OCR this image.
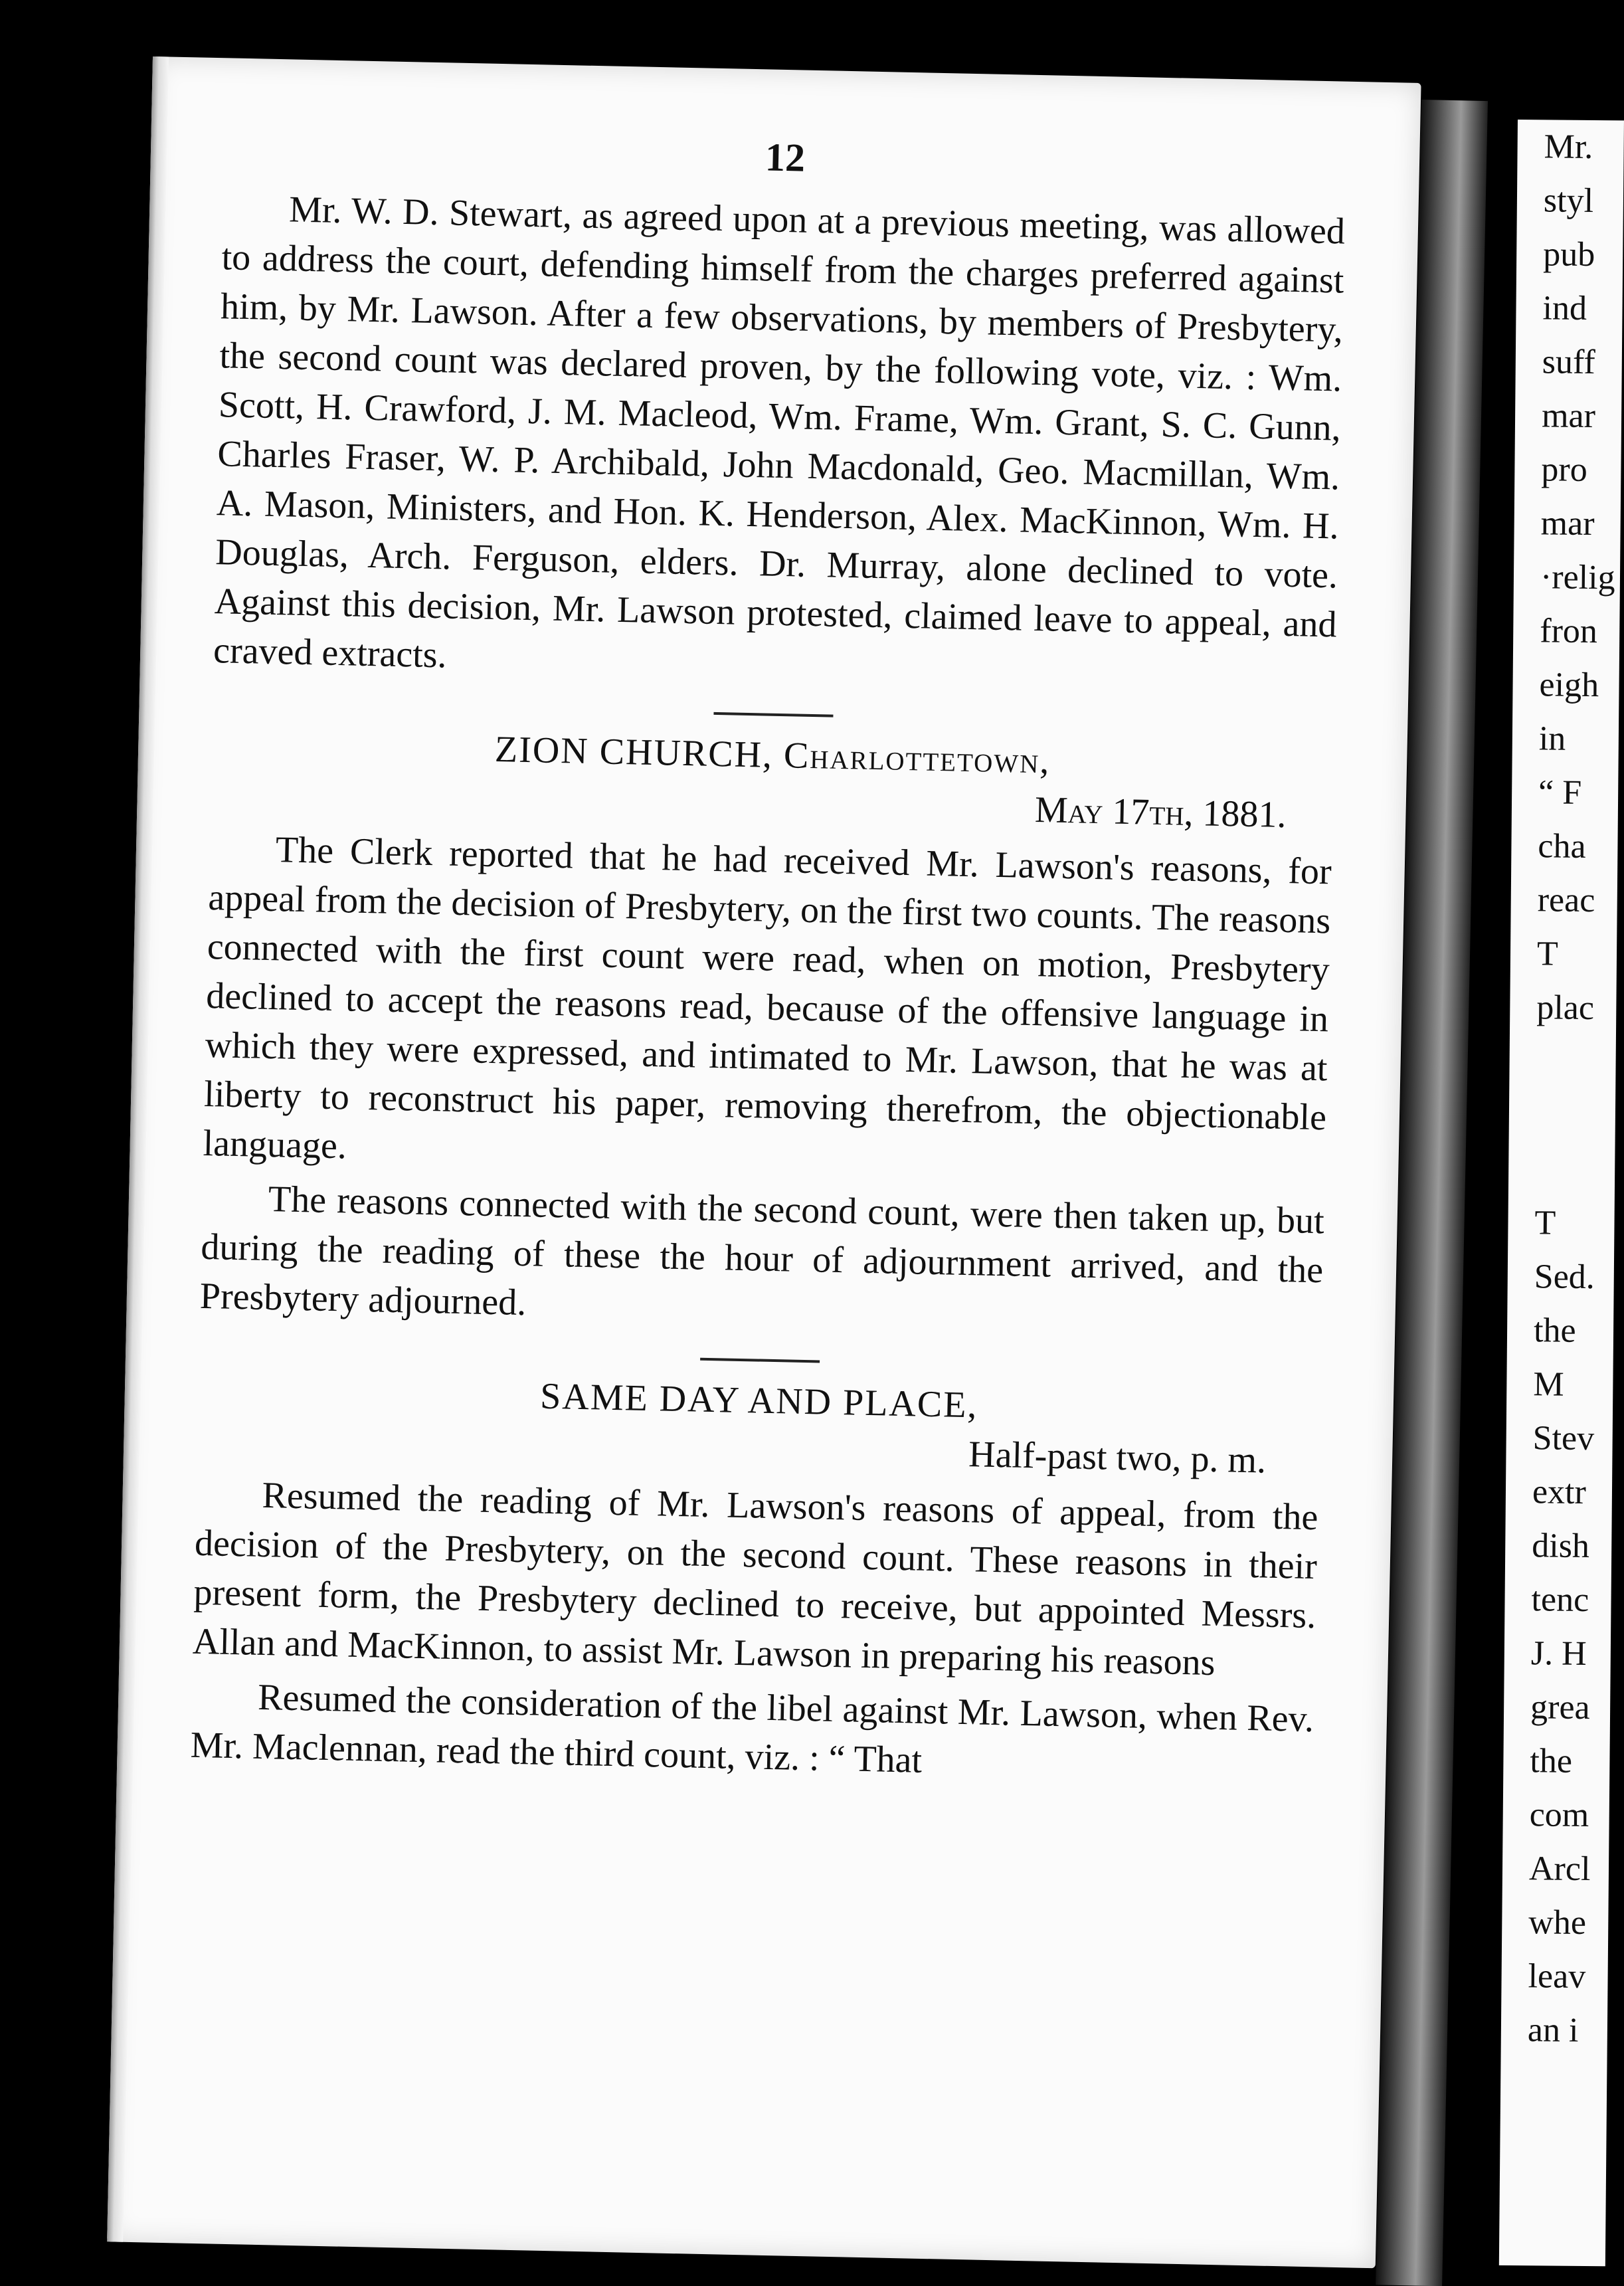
12

Mr. W. D. Stewart, as agreed upon at a previous meeting, was allowed to address the court, defending himself from the charges preferred against him, by Mr. Lawson. After a few observations, by members of Presbytery, the second count was declared proven, by the following vote, viz. : Wm. Scott, H. Crawford, J. M. Macleod, Wm. Frame, Wm. Grant, S. C. Gunn, Charles Fraser, W. P. Archibald, John Macdonald, Geo. Macmillan, Wm. A. Mason, Ministers, and Hon. K. Henderson, Alex. MacKinnon, Wm. H. Douglas, Arch. Ferguson, elders. Dr. Murray, alone declined to vote. Against this decision, Mr. Lawson protested, claimed leave to appeal, and craved extracts.

ZION CHURCH, Charlottetown,

May 17th, 1881.

The Clerk reported that he had received Mr. Lawson's reasons, for appeal from the decision of Presbytery, on the first two counts. The reasons connected with the first count were read, when on motion, Presbytery declined to accept the reasons read, because of the offensive language in which they were expressed, and intimated to Mr. Lawson, that he was at liberty to reconstruct his paper, removing therefrom, the objectionable language.

The reasons connected with the second count, were then taken up, but during the reading of these the hour of adjournment arrived, and the Presbytery adjourned.

SAME DAY AND PLACE,

Half-past two, p. m.

Resumed the reading of Mr. Lawson's reasons of appeal, from the decision of the Presbytery, on the second count. These reasons in their present form, the Presbytery declined to receive, but appointed Messrs. Allan and MacKinnon, to assist Mr. Lawson in preparing his reasons

Resumed the consideration of the libel against Mr. Lawson, when Rev. Mr. Maclennan, read the third count, viz. : “ That

Mr.
styl
pub
ind
suff
mar
pro
mar
·relig
fron
eigh
in
“ F
cha
reac
T
plac
T
Sed.
the
M
Stev
extr
dish
tenc
J. H
grea
the
com
Arcl
whe
leav
an i
